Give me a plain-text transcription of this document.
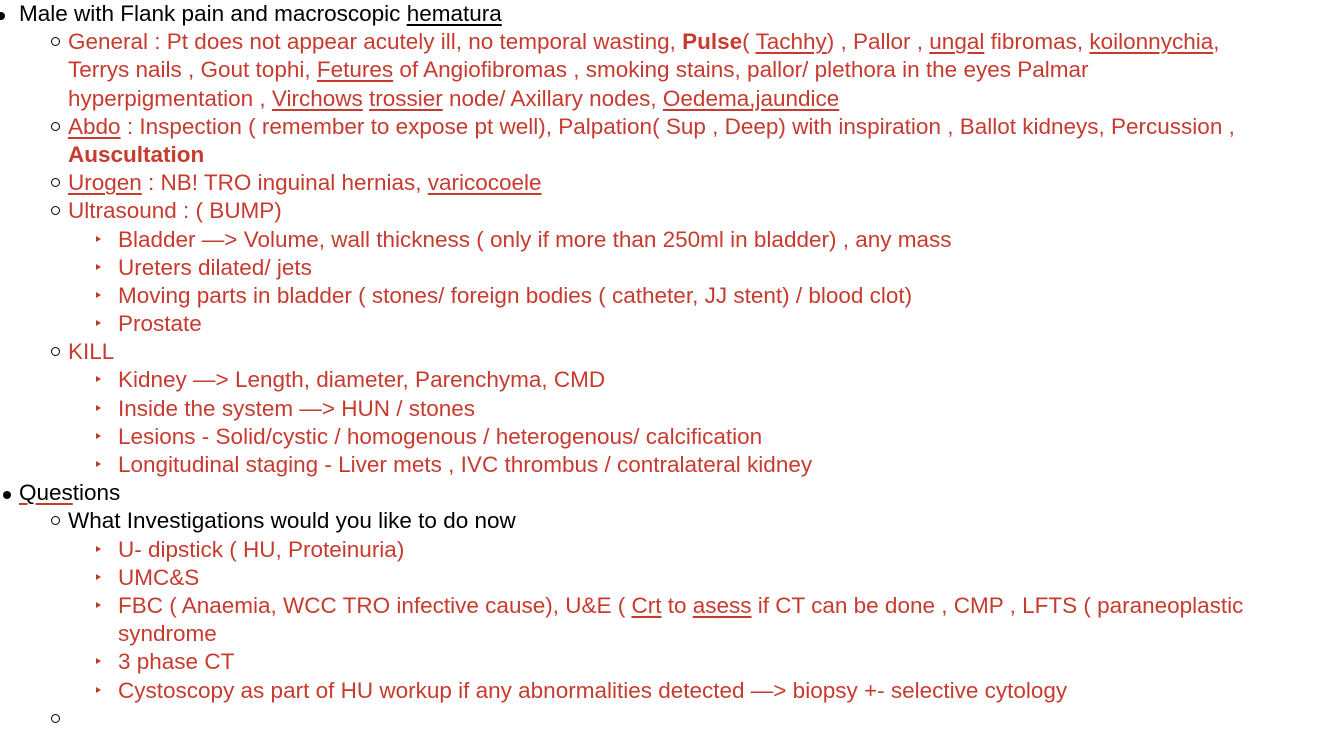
Male with Flank pain and macroscopic hematura
General : Pt does not appear acutely ill, no temporal wasting, Pulse( Tachhy) , Pallor , ungal fibromas, koilonnychia,
Terrys nails , Gout tophi, Fetures of Angiofibromas , smoking stains, pallor/ plethora in the eyes Palmar
hyperpigmentation , Virchows trossier node/ Axillary nodes, Oedema,jaundice
Abdo : Inspection ( remember to expose pt well), Palpation( Sup , Deep) with inspiration , Ballot kidneys, Percussion ,
Auscultation
Urogen : NB! TRO inguinal hernias, varicocoele
Ultrasound : ( BUMP)
Bladder —> Volume, wall thickness ( only if more than 250ml in bladder) , any mass
Ureters dilated/ jets
Moving parts in bladder ( stones/ foreign bodies ( catheter, JJ stent) / blood clot)
Prostate
KILL
Kidney —> Length, diameter, Parenchyma, CMD
Inside the system —> HUN / stones
Lesions - Solid/cystic / homogenous / heterogenous/ calcification
Longitudinal staging - Liver mets , IVC thrombus / contralateral kidney
Questions
What Investigations would you like to do now
U- dipstick ( HU, Proteinuria)
UMC&S
FBC ( Anaemia, WCC TRO infective cause), U&E ( Crt to asess if CT can be done , CMP , LFTS ( paraneoplastic
syndrome
3 phase CT
Cystoscopy as part of HU workup if any abnormalities detected —> biopsy +- selective cytology
